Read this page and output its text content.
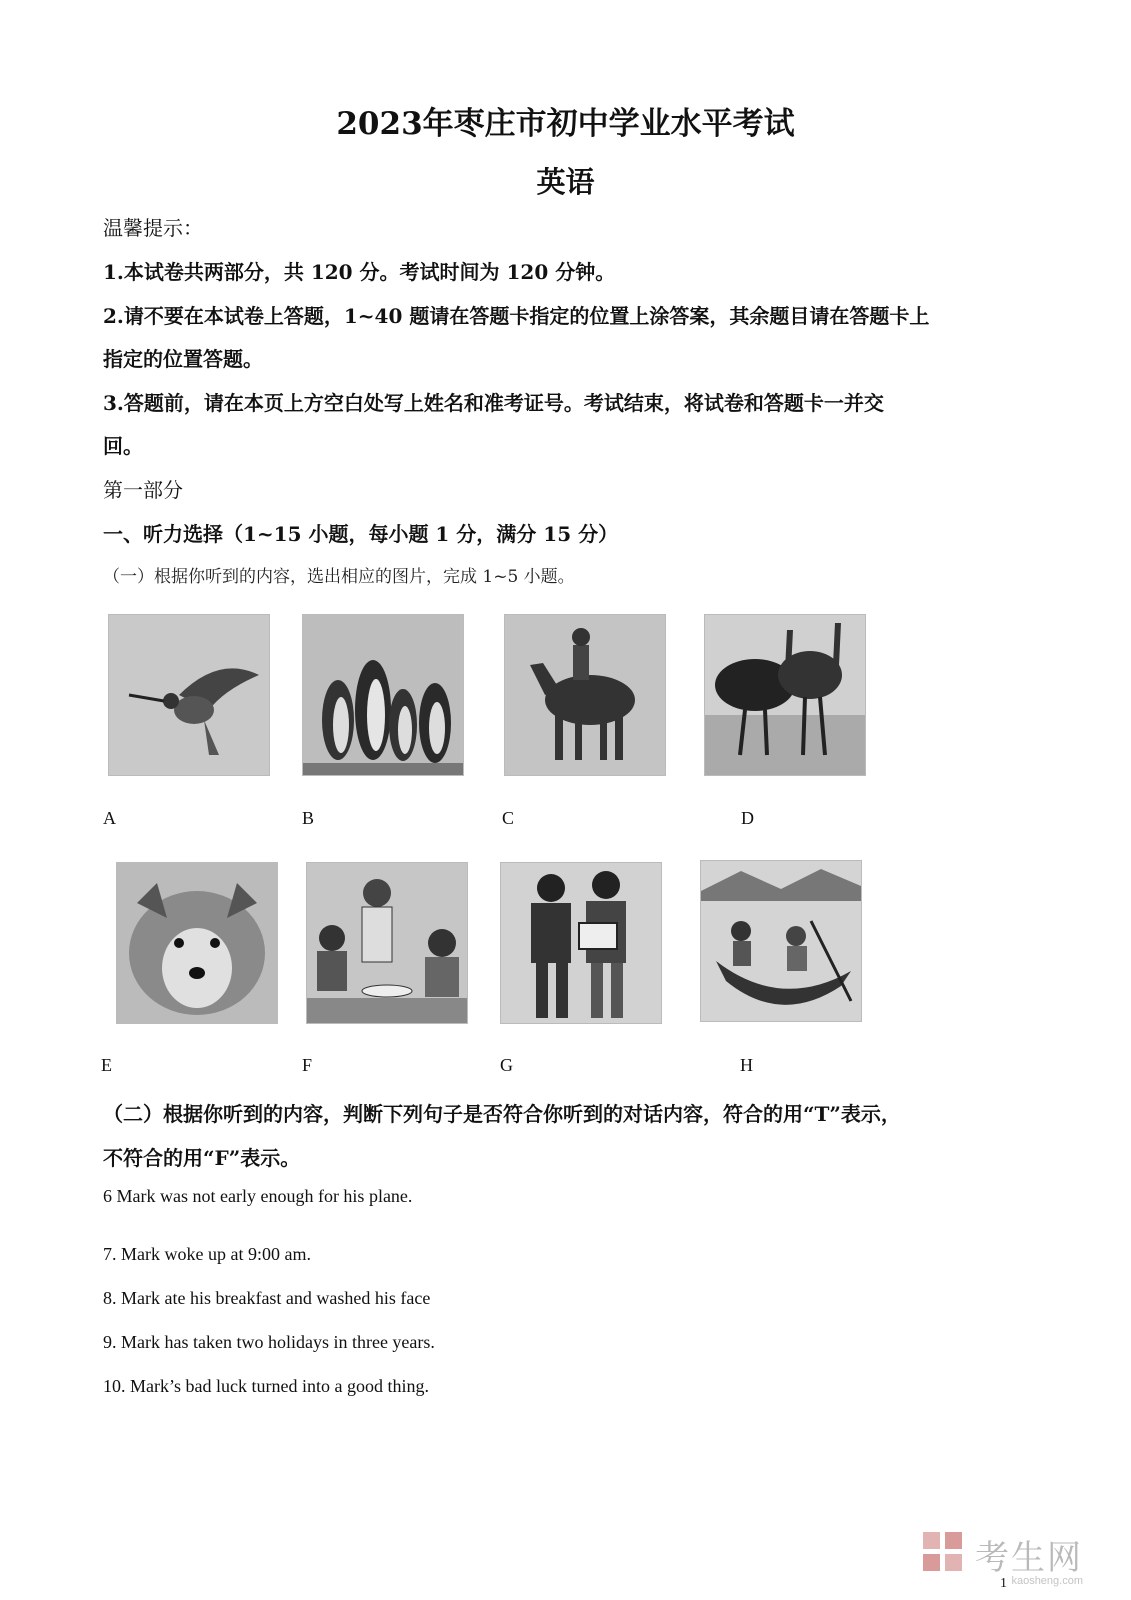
2023年枣庄市初中学业水平考试
英语
温馨提示：
1.本试卷共两部分，共 120 分。考试时间为 120 分钟。
2.请不要在本试卷上答题，1~40 题请在答题卡指定的位置上涂答案，其余题目请在答题卡上
指定的位置答题。
3.答题前，请在本页上方空白处写上姓名和准考证号。考试结束，将试卷和答题卡一并交
回。
第一部分
一、听力选择（1~15 小题，每小题 1 分，满分 15 分）
（一）根据你听到的内容，选出相应的图片，完成 1~5 小题。
A	B	C	D
E	F	G	H
（二）根据你听到的内容，判断下列句子是否符合你听到的对话内容，符合的用“T”表示，
不符合的用“F”表示。
6 Mark was not early enough for his plane.
7. Mark woke up at 9:00 am.
8. Mark ate his breakfast and washed his face
9. Mark has taken two holidays in three years.
10. Mark’s bad luck turned into a good thing.
考生网
kaosheng.com
1
